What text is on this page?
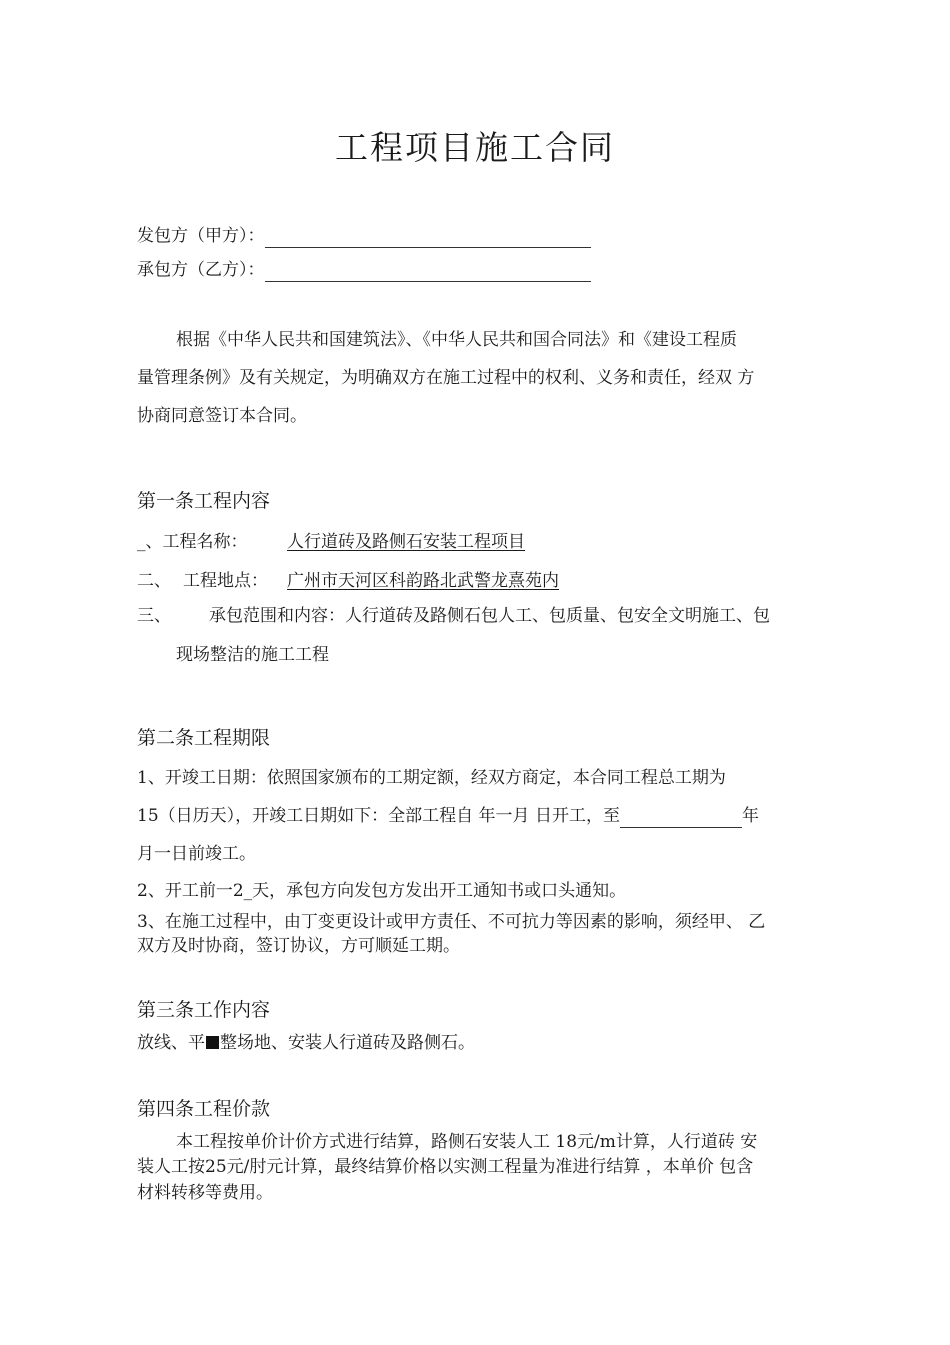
工程项目施工合同
发包方（甲方）：
承包方（乙方）：
根据《中华人民共和国建筑法》、《中华人民共和国合同法》和《建设工程质
量管理条例》及有关规定，为明确双方在施工过程中的权利、义务和责任，经双 方
协商同意签订本合同。
第一条工程内容
_、工程名称： 人行道砖及路侧石安装工程项目
二、 工程地点： 广州市天河区科韵路北武警龙熹苑内
三、 承包范围和内容：人行道砖及路侧石包人工、包质量、包安全文明施工、包
现场整洁的施工工程
第二条工程期限
1、开竣工日期：依照国家颁布的工期定额，经双方商定，本合同工程总工期为
15（日历天），开竣工日期如下：全部工程自 年一月 日开工，至	年
月一日前竣工。
2、开工前一2_天，承包方向发包方发出开工通知书或口头通知。
3、在施工过程中，由丁变更设计或甲方责任、不可抗力等因素的影响，须经甲、 乙
双方及时协商，签订协议，方可顺延工期。
第三条工作内容
放线、平 整场地、安装人行道砖及路侧石。
第四条工程价款
本工程按单价计价方式进行结算，路侧石安装人工 18元/m计算，人行道砖 安
装人工按25元/肘元计算，最终结算价格以实测工程量为准进行结算 ，本单价 包含
材料转移等费用。
